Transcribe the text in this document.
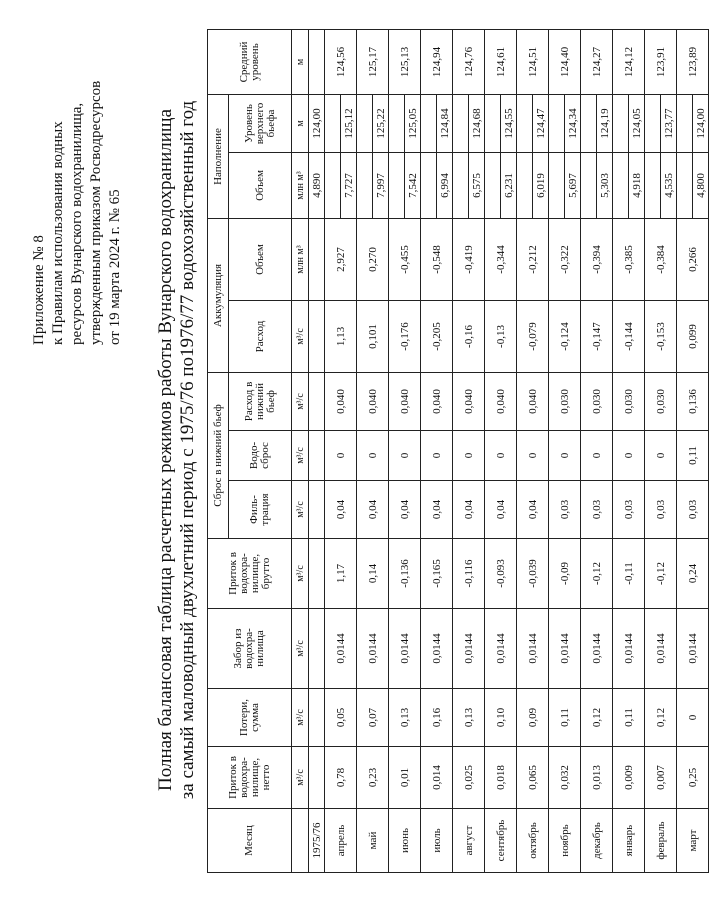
Приложение № 8 к Правилам использования водных ресурсов Вунарского водохранилища, утвержденным приказом Росводресурсов от 19 марта 2024 г. № 65 Полная балансовая таблица расчетных режимов работы Вунарского водохранилища за самый маловодный двухлетний период с 1975/76 по1976/77 водохозяйственный год
Месяц	Приток в водохра-нилище, нетто	Потери, сумма	Забор из водохра-нилища	Приток в водохра-нилище, брутто	Сброс в нижний бьеф			Аккумуляция		Наполнение		Средний уровень
					Филь-трация	Водо-сброс	Расход в нижний бьеф	Расход	Объем	Объем	Уровень верхнего бьефа	
	м³/с	м³/с	м³/с	м³/с	м³/с	м³/с	м³/с	м³/с	млн м³	млн м³	м	м
1975/76										4,890	124,00	
апрель	0,78	0,05	0,0144	1,17	0,04	0	0,040	1,13	2,927			124,56
										7,727	125,12	
май	0,23	0,07	0,0144	0,14	0,04	0	0,040	0,101	0,270			125,17
										7,997	125,22	
июнь	0,01	0,13	0,0144	-0,136	0,04	0	0,040	-0,176	-0,455			125,13
										7,542	125,05	
июль	0,014	0,16	0,0144	-0,165	0,04	0	0,040	-0,205	-0,548			124,94
										6,994	124,84	
август	0,025	0,13	0,0144	-0,116	0,04	0	0,040	-0,16	-0,419			124,76
										6,575	124,68	
сентябрь	0,018	0,10	0,0144	-0,093	0,04	0	0,040	-0,13	-0,344			124,61
										6,231	124,55	
октябрь	0,065	0,09	0,0144	-0,039	0,04	0	0,040	-0,079	-0,212			124,51
										6,019	124,47	
ноябрь	0,032	0,11	0,0144	-0,09	0,03	0	0,030	-0,124	-0,322			124,40
										5,697	124,34	
декабрь	0,013	0,12	0,0144	-0,12	0,03	0	0,030	-0,147	-0,394			124,27
										5,303	124,19	
январь	0,009	0,11	0,0144	-0,11	0,03	0	0,030	-0,144	-0,385			124,12
										4,918	124,05	
февраль	0,007	0,12	0,0144	-0,12	0,03	0	0,030	-0,153	-0,384			123,91
										4,535	123,77	
март	0,25	0	0,0144	0,24	0,03	0,11	0,136	0,099	0,266			123,89
										4,800	124,00	
